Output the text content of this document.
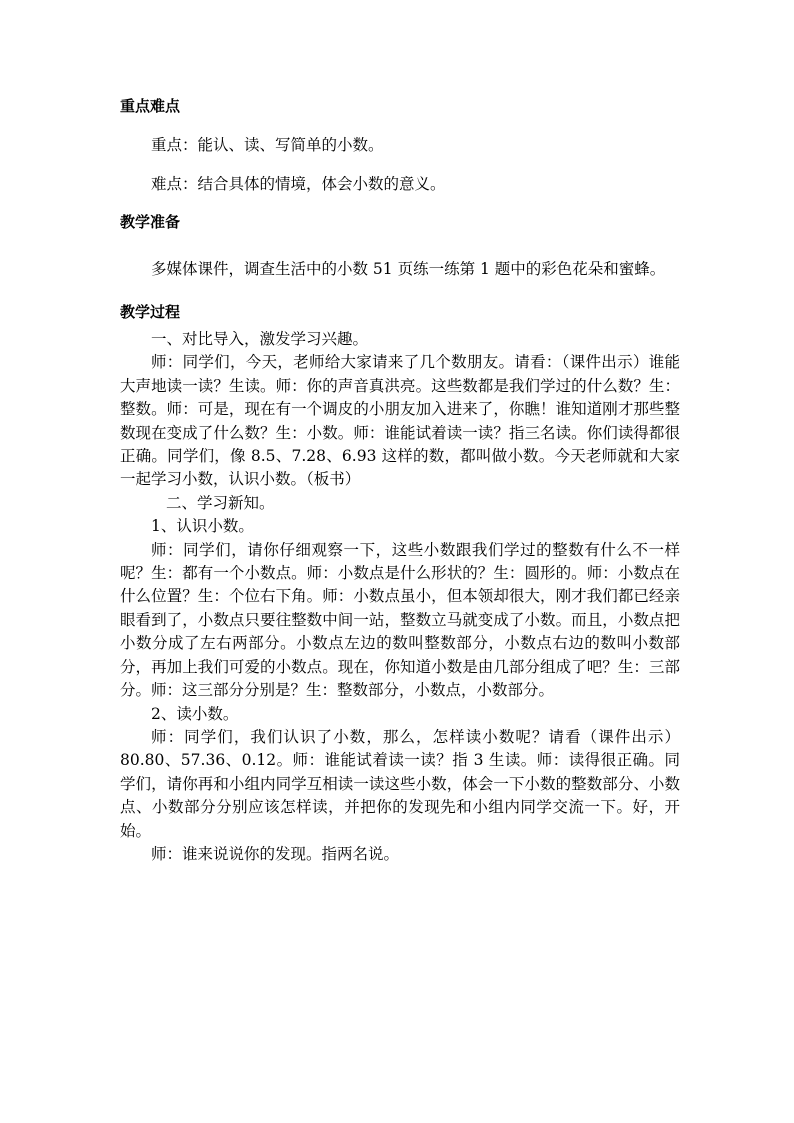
重点难点

重点：能认、读、写简单的小数。

难点：结合具体的情境，体会小数的意义。

教学准备

多媒体课件，调查生活中的小数 51 页练一练第 1 题中的彩色花朵和蜜蜂。

教学过程

一、对比导入，激发学习兴趣。

师：同学们，今天，老师给大家请来了几个数朋友。请看：（课件出示）谁能大声地读一读？生读。师：你的声音真洪亮。这些数都是我们学过的什么数？生：整数。师：可是，现在有一个调皮的小朋友加入进来了，你瞧！谁知道刚才那些整数现在变成了什么数？生：小数。师：谁能试着读一读？指三名读。你们读得都很正确。同学们，像 8.5、7.28、6.93 这样的数，都叫做小数。今天老师就和大家一起学习小数，认识小数。（板书）

二、学习新知。

1、认识小数。

师：同学们，请你仔细观察一下，这些小数跟我们学过的整数有什么不一样呢？生：都有一个小数点。师：小数点是什么形状的？生：圆形的。师：小数点在什么位置？生：个位右下角。师：小数点虽小，但本领却很大，刚才我们都已经亲眼看到了，小数点只要往整数中间一站，整数立马就变成了小数。而且，小数点把小数分成了左右两部分。小数点左边的数叫整数部分，小数点右边的数叫小数部分，再加上我们可爱的小数点。现在，你知道小数是由几部分组成了吧？生：三部分。师：这三部分分别是？生：整数部分，小数点，小数部分。

2、读小数。

师：同学们，我们认识了小数，那么，怎样读小数呢？请看（课件出示）80.80、57.36、0.12。师：谁能试着读一读？指 3 生读。师：读得很正确。同学们，请你再和小组内同学互相读一读这些小数，体会一下小数的整数部分、小数点、小数部分分别应该怎样读，并把你的发现先和小组内同学交流一下。好，开始。

师：谁来说说你的发现。指两名说。
